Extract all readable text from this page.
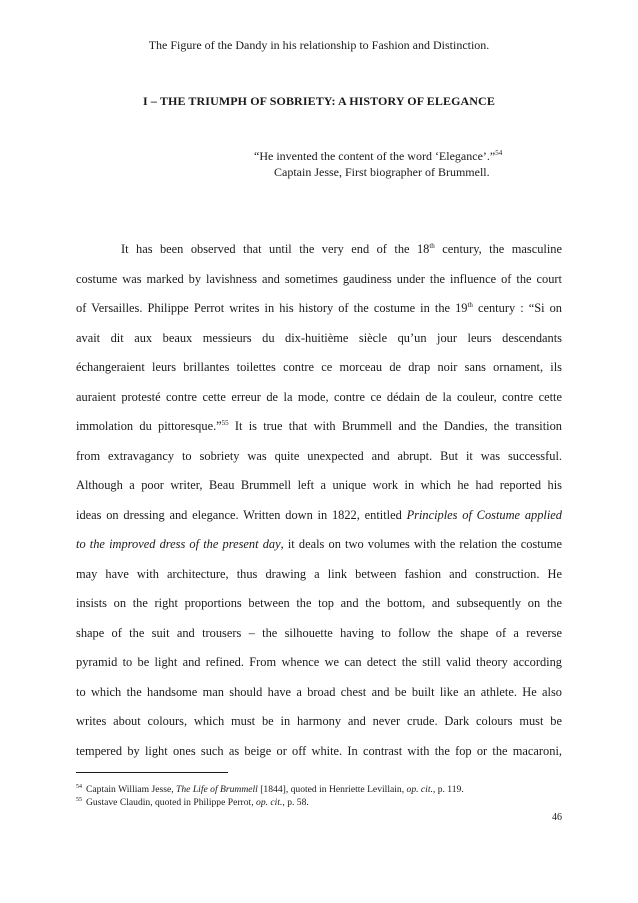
The Figure of the Dandy in his relationship to Fashion and Distinction.
I – THE TRIUMPH OF SOBRIETY: A HISTORY OF ELEGANCE
“He invented the content of the word ‘Elegance’.”$^{54}$
Captain Jesse, First biographer of Brummell.
It has been observed that until the very end of the 18th century, the masculine
costume was marked by lavishness and sometimes gaudiness under the influence of the court
of Versailles. Philippe Perrot writes in his history of the costume in the 19th century : “Si on
avait dit aux beaux messieurs du dix-huitième siècle qu’un jour leurs descendants
échangeraient leurs brillantes toilettes contre ce morceau de drap noir sans ornament, ils
auraient protesté contre cette erreur de la mode, contre ce dédain de la couleur, contre cette
immolation du pittoresque.”$^{55}$ It is true that with Brummell and the Dandies, the transition
from extravagancy to sobriety was quite unexpected and abrupt. But it was successful.
Although a poor writer, Beau Brummell left a unique work in which he had reported his
ideas on dressing and elegance. Written down in 1822, entitled Principles of Costume applied
to the improved dress of the present day, it deals on two volumes with the relation the costume
may have with architecture, thus drawing a link between fashion and construction. He
insists on the right proportions between the top and the bottom, and subsequently on the
shape of the suit and trousers – the silhouette having to follow the shape of a reverse
pyramid to be light and refined. From whence we can detect the still valid theory according
to which the handsome man should have a broad chest and be built like an athlete. He also
writes about colours, which must be in harmony and never crude. Dark colours must be
tempered by light ones such as beige or off white. In contrast with the fop or the macaroni,
$^{54}$ Captain William Jesse, The Life of Brummell [1844], quoted in Henriette Levillain, op. cit., p. 119.
$^{55}$ Gustave Claudin, quoted in Philippe Perrot, op. cit., p. 58.
46
